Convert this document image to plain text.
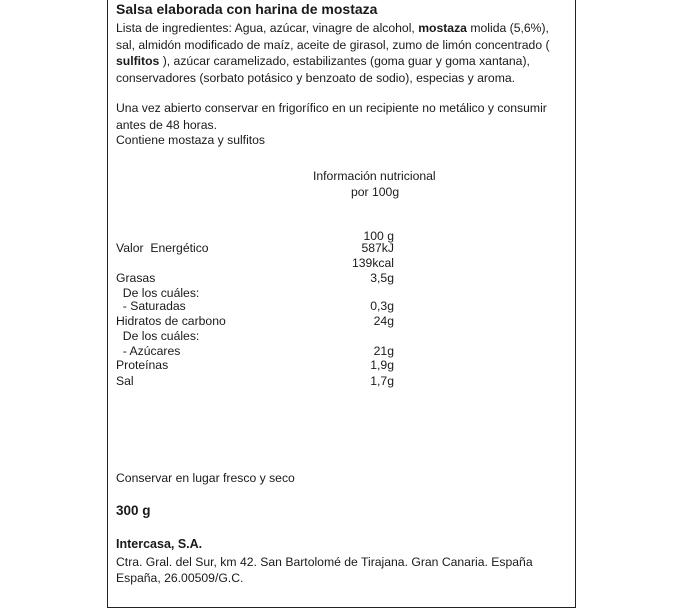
Salsa elaborada con harina de mostaza
Lista de ingredientes: Agua, azúcar, vinagre de alcohol, mostaza molida (5,6%), sal, almidón modificado de maíz, aceite de girasol, zumo de limón concentrado ( sulfitos ), azúcar caramelizado, estabilizantes (goma guar y goma xantana), conservadores (sorbato potásico y benzoato de sodio), especias y aroma.
Una vez abierto conservar en frigorífico en un recipiente no metálico y consumir antes de 48 horas.
Contiene mostaza y sulfitos
Información nutricional
por 100g
100 g
Valor  Energético	587kJ
139kcal
Grasas	3,5g
De los cuáles:
- Saturadas	0,3g
Hidratos de carbono	24g
De los cuáles:
- Azúcares	21g
Proteínas	1,9g
Sal	1,7g
Conservar en lugar fresco y seco
300 g
Intercasa, S.A.
Ctra. Gral. del Sur, km 42. San Bartolomé de Tirajana. Gran Canaria. España
España, 26.00509/G.C.
